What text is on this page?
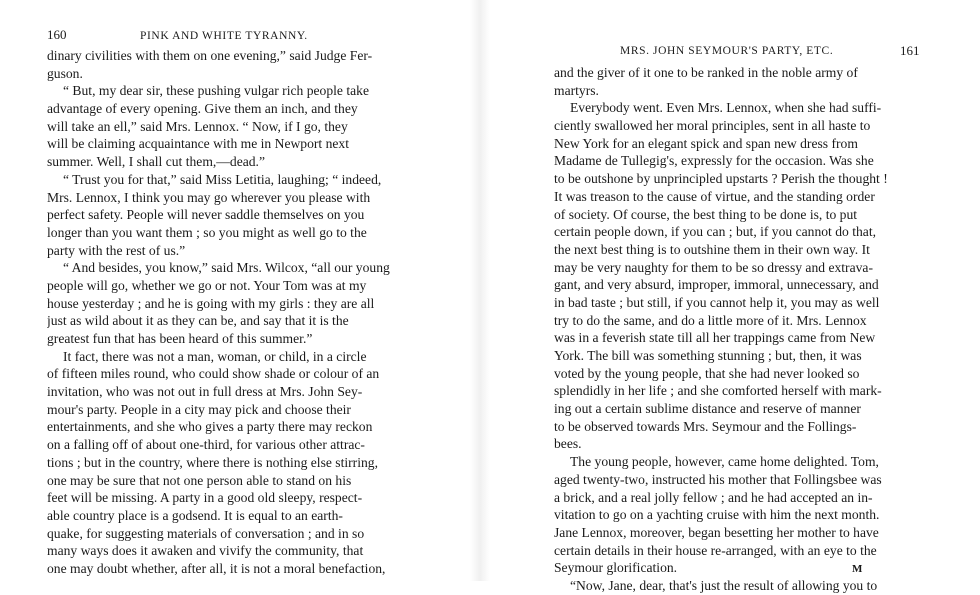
160	PINK AND WHITE TYRANNY.
dinary civilities with them on one evening,” said Judge Fer-
guson.
“ But, my dear sir, these pushing vulgar rich people take
advantage of every opening. Give them an inch, and they
will take an ell,” said Mrs. Lennox. “ Now, if I go, they
will be claiming acquaintance with me in Newport next
summer. Well, I shall cut them,—dead.”
“ Trust you for that,” said Miss Letitia, laughing; “ indeed,
Mrs. Lennox, I think you may go wherever you please with
perfect safety. People will never saddle themselves on you
longer than you want them ; so you might as well go to the
party with the rest of us.”
“ And besides, you know,” said Mrs. Wilcox, “all our young
people will go, whether we go or not. Your Tom was at my
house yesterday ; and he is going with my girls : they are all
just as wild about it as they can be, and say that it is the
greatest fun that has been heard of this summer.”
It fact, there was not a man, woman, or child, in a circle
of fifteen miles round, who could show shade or colour of an
invitation, who was not out in full dress at Mrs. John Sey-
mour's party. People in a city may pick and choose their
entertainments, and she who gives a party there may reckon
on a falling off of about one-third, for various other attrac-
tions ; but in the country, where there is nothing else stirring,
one may be sure that not one person able to stand on his
feet will be missing. A party in a good old sleepy, respect-
able country place is a godsend. It is equal to an earth-
quake, for suggesting materials of conversation ; and in so
many ways does it awaken and vivify the community, that
one may doubt whether, after all, it is not a moral benefaction,
MRS. JOHN SEYMOUR'S PARTY, ETC.	161
and the giver of it one to be ranked in the noble army of
martyrs.
Everybody went. Even Mrs. Lennox, when she had suffi-
ciently swallowed her moral principles, sent in all haste to
New York for an elegant spick and span new dress from
Madame de Tullegig's, expressly for the occasion. Was she
to be outshone by unprincipled upstarts ? Perish the thought !
It was treason to the cause of virtue, and the standing order
of society. Of course, the best thing to be done is, to put
certain people down, if you can ; but, if you cannot do that,
the next best thing is to outshine them in their own way. It
may be very naughty for them to be so dressy and extrava-
gant, and very absurd, improper, immoral, unnecessary, and
in bad taste ; but still, if you cannot help it, you may as well
try to do the same, and do a little more of it. Mrs. Lennox
was in a feverish state till all her trappings came from New
York. The bill was something stunning ; but, then, it was
voted by the young people, that she had never looked so
splendidly in her life ; and she comforted herself with mark-
ing out a certain sublime distance and reserve of manner
to be observed towards Mrs. Seymour and the Follings-
bees.
The young people, however, came home delighted. Tom,
aged twenty-two, instructed his mother that Follingsbee was
a brick, and a real jolly fellow ; and he had accepted an in-
vitation to go on a yachting cruise with him the next month.
Jane Lennox, moreover, began besetting her mother to have
certain details in their house re-arranged, with an eye to the
Seymour glorification.
“Now, Jane, dear, that's just the result of allowing you to
M
